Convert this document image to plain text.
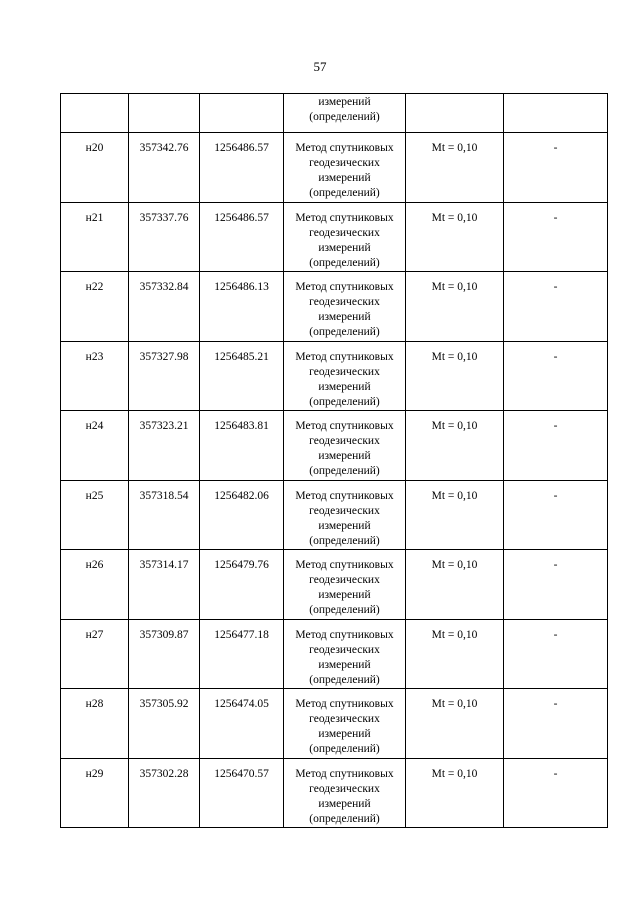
57

			измерений
(определений)		

н20	357342.76	1256486.57	Метод спутниковых
геодезических
измерений
(определений)	Mt = 0,10	-

н21	357337.76	1256486.57	Метод спутниковых
геодезических
измерений
(определений)	Mt = 0,10	-

н22	357332.84	1256486.13	Метод спутниковых
геодезических
измерений
(определений)	Mt = 0,10	-

н23	357327.98	1256485.21	Метод спутниковых
геодезических
измерений
(определений)	Mt = 0,10	-

н24	357323.21	1256483.81	Метод спутниковых
геодезических
измерений
(определений)	Mt = 0,10	-

н25	357318.54	1256482.06	Метод спутниковых
геодезических
измерений
(определений)	Mt = 0,10	-

н26	357314.17	1256479.76	Метод спутниковых
геодезических
измерений
(определений)	Mt = 0,10	-

н27	357309.87	1256477.18	Метод спутниковых
геодезических
измерений
(определений)	Mt = 0,10	-

н28	357305.92	1256474.05	Метод спутниковых
геодезических
измерений
(определений)	Mt = 0,10	-

н29	357302.28	1256470.57	Метод спутниковых
геодезических
измерений
(определений)	Mt = 0,10	-
